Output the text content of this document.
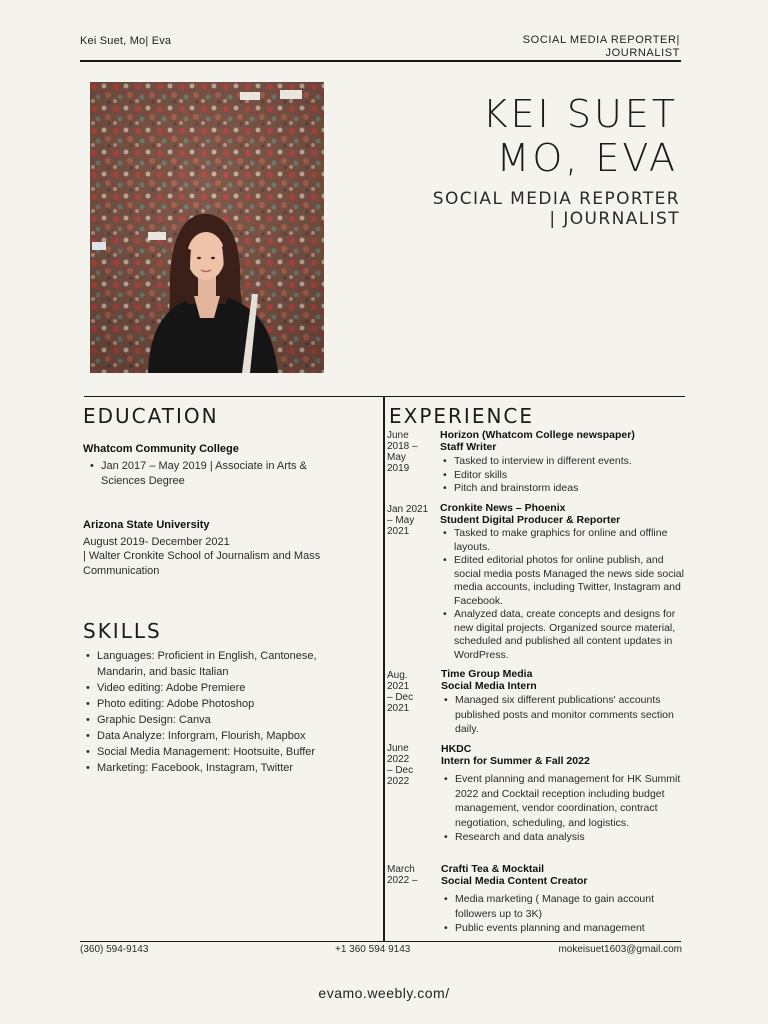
Kei Suet, Mo| Eva	SOCIAL MEDIA REPORTER|
JOURNALIST
KEI SUET
MO, EVA
SOCIAL MEDIA REPORTER
| JOURNALIST
EDUCATION
Whatcom Community College
• Jan 2017 – May 2019 | Associate in Arts & Sciences Degree
Arizona State University
August 2019- December 2021
| Walter Cronkite School of Journalism and Mass Communication
SKILLS
• Languages: Proficient in English, Cantonese, Mandarin, and basic Italian
• Video editing: Adobe Premiere
• Photo editing: Adobe Photoshop
• Graphic Design: Canva
• Data Analyze: Inforgram, Flourish, Mapbox
• Social Media Management: Hootsuite, Buffer
• Marketing: Facebook, Instagram, Twitter
EXPERIENCE
June 2018 – May 2019
Horizon (Whatcom College newspaper)
Staff Writer
• Tasked to interview in different events.
• Editor skills
• Pitch and brainstorm ideas
Jan 2021 – May 2021
Cronkite News – Phoenix
Student Digital Producer & Reporter
• Tasked to make graphics for online and offline layouts.
• Edited editorial photos for online publish, and social media posts Managed the news side social media accounts, including Twitter, Instagram and Facebook.
• Analyzed data, create concepts and designs for new digital projects. Organized source material, scheduled and published all content updates in WordPress.
Aug. 2021 – Dec 2021
Time Group Media
Social Media Intern
• Managed six different publications' accounts published posts and monitor comments section daily.
June 2022 – Dec 2022
HKDC
Intern for Summer & Fall 2022
• Event planning and management for HK Summit 2022 and Cocktail reception including budget management, vendor coordination, contract negotiation, scheduling, and logistics.
• Research and data analysis
March 2022 –
Crafti Tea & Mocktail
Social Media Content Creator
• Media marketing ( Manage to gain account followers up to 3K)
• Public events planning and management
(360) 594-9143	+1 360 594 9143	mokeisuet1603@gmail.com
evamo.weebly.com/
